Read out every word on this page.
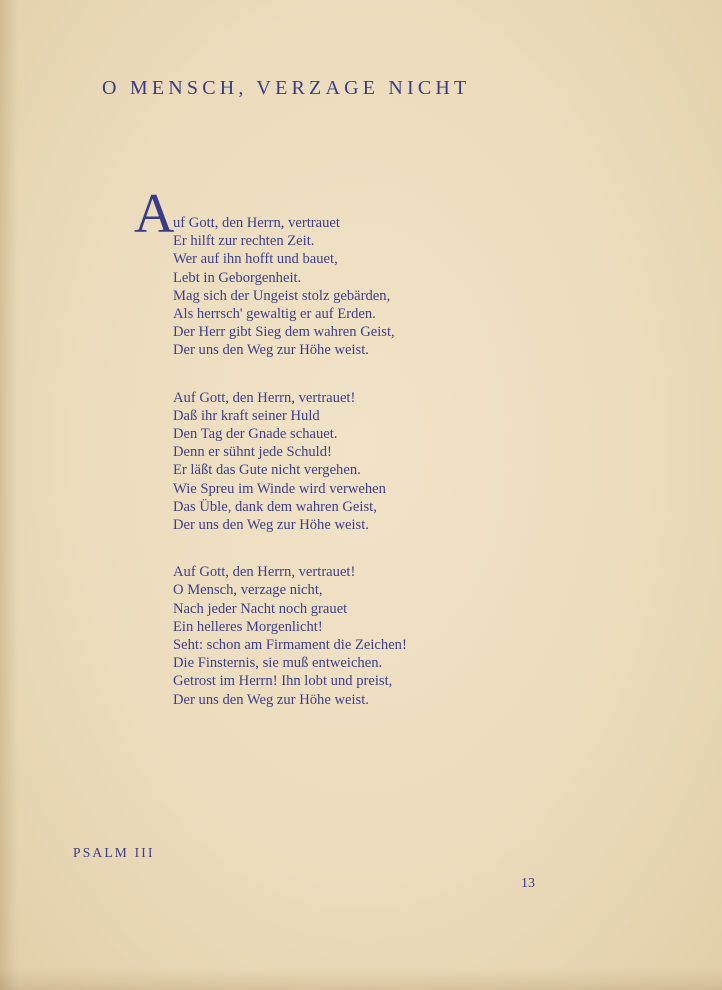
O MENSCH, VERZAGE NICHT
A
uf Gott, den Herrn, vertrauet
Er hilft zur rechten Zeit.
Wer auf ihn hofft und bauet,
Lebt in Geborgenheit.
Mag sich der Ungeist stolz gebärden,
Als herrsch' gewaltig er auf Erden.
Der Herr gibt Sieg dem wahren Geist,
Der uns den Weg zur Höhe weist.
Auf Gott, den Herrn, vertrauet!
Daß ihr kraft seiner Huld
Den Tag der Gnade schauet.
Denn er sühnt jede Schuld!
Er läßt das Gute nicht vergehen.
Wie Spreu im Winde wird verwehen
Das Üble, dank dem wahren Geist,
Der uns den Weg zur Höhe weist.
Auf Gott, den Herrn, vertrauet!
O Mensch, verzage nicht,
Nach jeder Nacht noch grauet
Ein helleres Morgenlicht!
Seht: schon am Firmament die Zeichen!
Die Finsternis, sie muß entweichen.
Getrost im Herrn! Ihn lobt und preist,
Der uns den Weg zur Höhe weist.
PSALM III
13
